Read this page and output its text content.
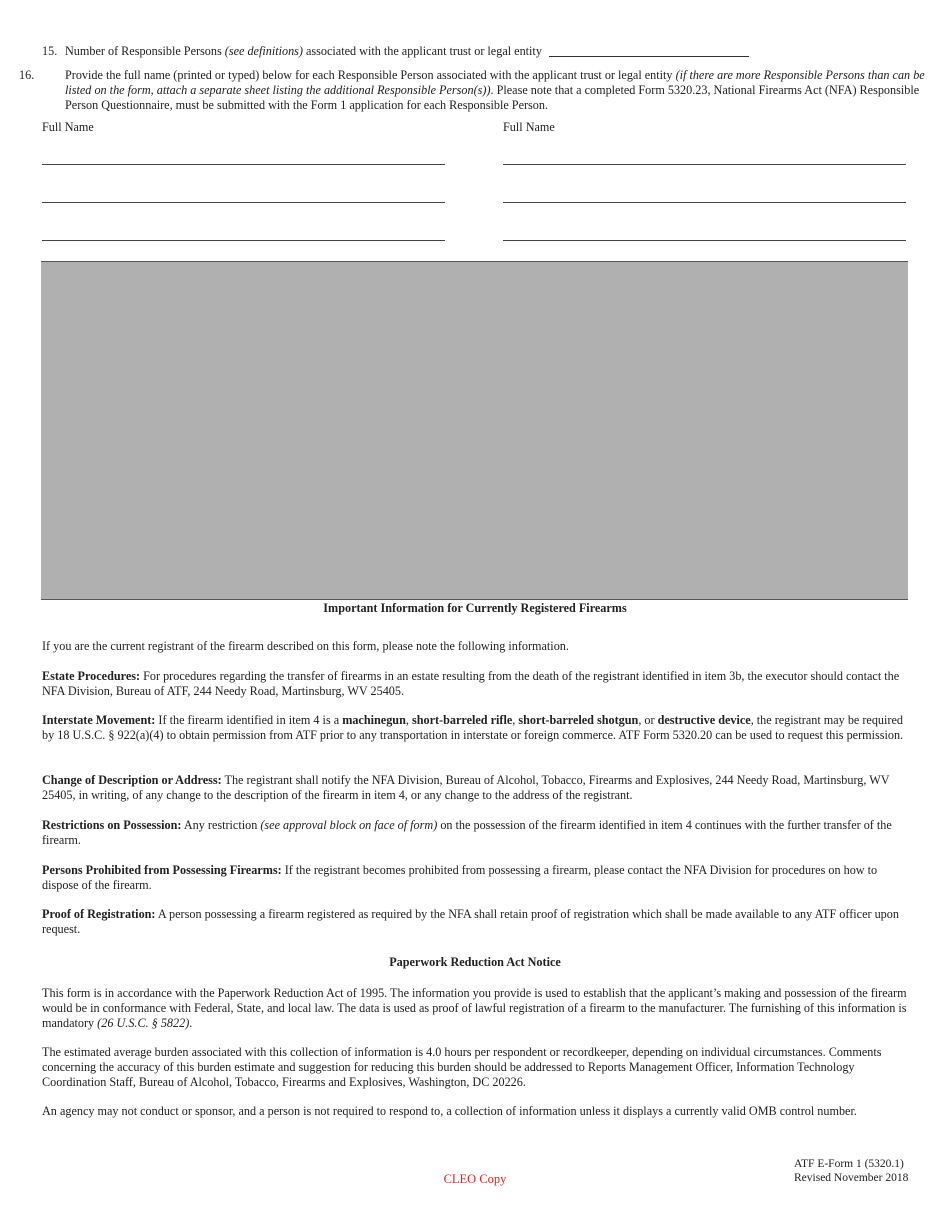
15. Number of Responsible Persons (see definitions) associated with the applicant trust or legal entity
16.	Provide the full name (printed or typed) below for each Responsible Person associated with the applicant trust or legal entity (if there are more Responsible Persons than can be listed on the form, attach a separate sheet listing the additional Responsible Person(s)). Please note that a completed Form 5320.23, National Firearms Act (NFA) Responsible Person Questionnaire, must be submitted with the Form 1 application for each Responsible Person.
Full Name	Full Name
Important Information for Currently Registered Firearms
If you are the current registrant of the firearm described on this form, please note the following information.
Estate Procedures: For procedures regarding the transfer of firearms in an estate resulting from the death of the registrant identified in item 3b, the executor should contact the NFA Division, Bureau of ATF, 244 Needy Road, Martinsburg, WV 25405.
Interstate Movement: If the firearm identified in item 4 is a machinegun, short-barreled rifle, short-barreled shotgun, or destructive device, the registrant may be required by 18 U.S.C. § 922(a)(4) to obtain permission from ATF prior to any transportation in interstate or foreign commerce. ATF Form 5320.20 can be used to request this permission.
Change of Description or Address: The registrant shall notify the NFA Division, Bureau of Alcohol, Tobacco, Firearms and Explosives, 244 Needy Road, Martinsburg, WV 25405, in writing, of any change to the description of the firearm in item 4, or any change to the address of the registrant.
Restrictions on Possession: Any restriction (see approval block on face of form) on the possession of the firearm identified in item 4 continues with the further transfer of the firearm.
Persons Prohibited from Possessing Firearms: If the registrant becomes prohibited from possessing a firearm, please contact the NFA Division for procedures on how to dispose of the firearm.
Proof of Registration: A person possessing a firearm registered as required by the NFA shall retain proof of registration which shall be made available to any ATF officer upon request.
Paperwork Reduction Act Notice
This form is in accordance with the Paperwork Reduction Act of 1995. The information you provide is used to establish that the applicant’s making and possession of the firearm would be in conformance with Federal, State, and local law. The data is used as proof of lawful registration of a firearm to the manufacturer. The furnishing of this information is mandatory (26 U.S.C. § 5822).
The estimated average burden associated with this collection of information is 4.0 hours per respondent or recordkeeper, depending on individual circumstances. Comments concerning the accuracy of this burden estimate and suggestion for reducing this burden should be addressed to Reports Management Officer, Information Technology Coordination Staff, Bureau of Alcohol, Tobacco, Firearms and Explosives, Washington, DC 20226.
An agency may not conduct or sponsor, and a person is not required to respond to, a collection of information unless it displays a currently valid OMB control number.
CLEO Copy
ATF E-Form 1 (5320.1)
Revised November 2018
